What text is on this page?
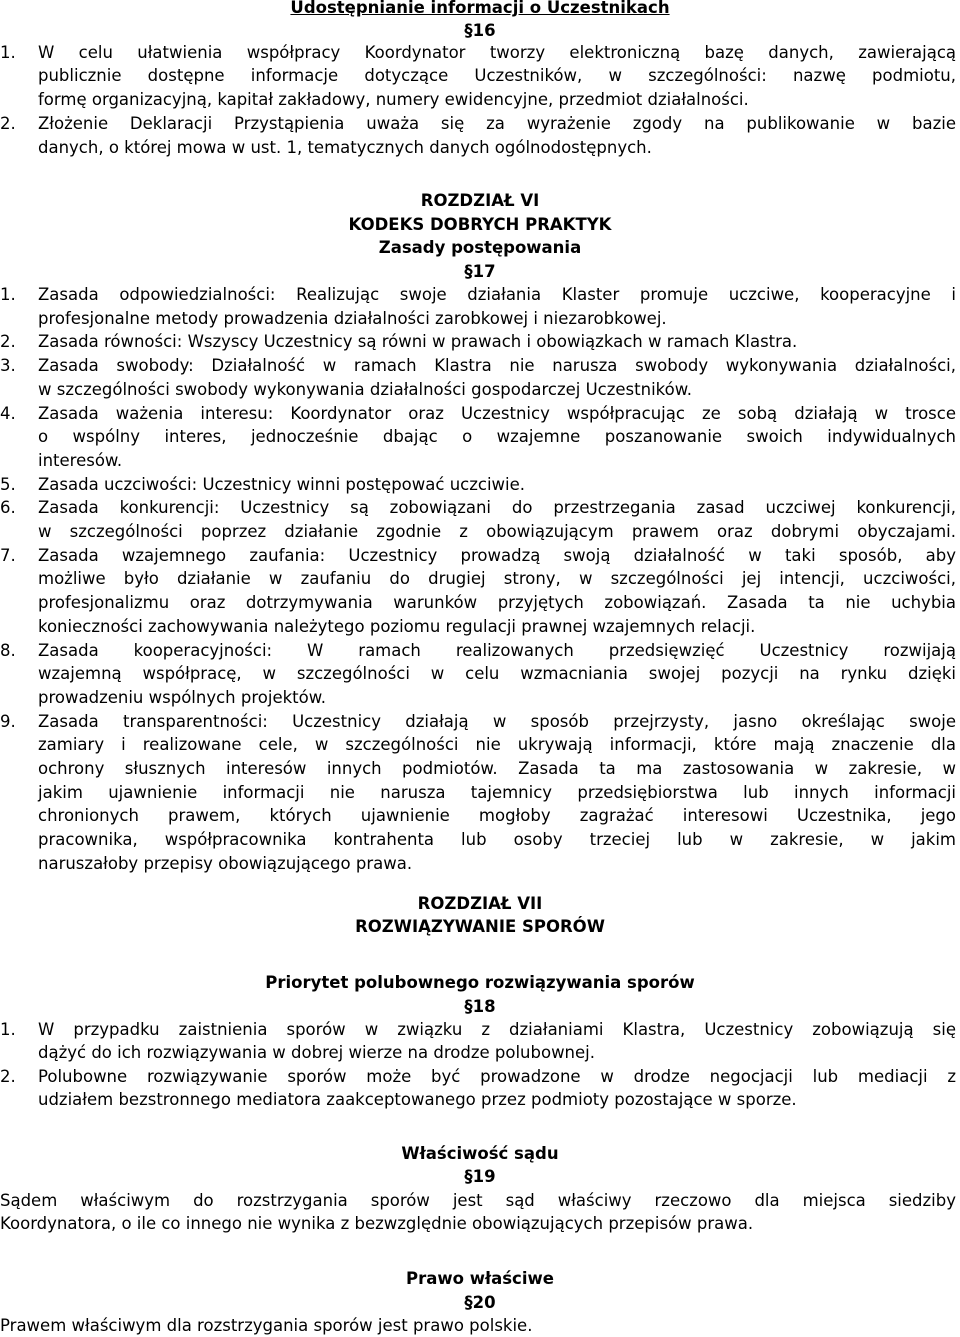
Udostępnianie informacji o Uczestnikach
§16
1. W celu ułatwienia współpracy Koordynator tworzy elektroniczną bazę danych, zawierającą
publicznie dostępne informacje dotyczące Uczestników, w szczególności: nazwę podmiotu,
formę organizacyjną, kapitał zakładowy, numery ewidencyjne, przedmiot działalności.
2. Złożenie Deklaracji Przystąpienia uważa się za wyrażenie zgody na publikowanie w bazie
danych, o której mowa w ust. 1, tematycznych danych ogólnodostępnych.
ROZDZIAŁ VI
KODEKS DOBRYCH PRAKTYK
Zasady postępowania
§17
1. Zasada odpowiedzialności: Realizując swoje działania Klaster promuje uczciwe, kooperacyjne i
profesjonalne metody prowadzenia działalności zarobkowej i niezarobkowej.
2. Zasada równości: Wszyscy Uczestnicy są równi w prawach i obowiązkach w ramach Klastra.
3. Zasada swobody: Działalność w ramach Klastra nie narusza swobody wykonywania działalności,
w szczególności swobody wykonywania działalności gospodarczej Uczestników.
4. Zasada ważenia interesu: Koordynator oraz Uczestnicy współpracując ze sobą działają w trosce
o wspólny interes, jednocześnie dbając o wzajemne poszanowanie swoich indywidualnych
interesów.
5. Zasada uczciwości: Uczestnicy winni postępować uczciwie.
6. Zasada konkurencji: Uczestnicy są zobowiązani do przestrzegania zasad uczciwej konkurencji,
w szczególności poprzez działanie zgodnie z obowiązującym prawem oraz dobrymi obyczajami.
7. Zasada wzajemnego zaufania: Uczestnicy prowadzą swoją działalność w taki sposób, aby
możliwe było działanie w zaufaniu do drugiej strony, w szczególności jej intencji, uczciwości,
profesjonalizmu oraz dotrzymywania warunków przyjętych zobowiązań. Zasada ta nie uchybia
konieczności zachowywania należytego poziomu regulacji prawnej wzajemnych relacji.
8. Zasada kooperacyjności: W ramach realizowanych przedsięwzięć Uczestnicy rozwijają
wzajemną współpracę, w szczególności w celu wzmacniania swojej pozycji na rynku dzięki
prowadzeniu wspólnych projektów.
9. Zasada transparentności: Uczestnicy działają w sposób przejrzysty, jasno określając swoje
zamiary i realizowane cele, w szczególności nie ukrywają informacji, które mają znaczenie dla
ochrony słusznych interesów innych podmiotów. Zasada ta ma zastosowania w zakresie, w
jakim ujawnienie informacji nie narusza tajemnicy przedsiębiorstwa lub innych informacji
chronionych prawem, których ujawnienie mogłoby zagrażać interesowi Uczestnika, jego
pracownika, współpracownika kontrahenta lub osoby trzeciej lub w zakresie, w jakim
naruszałoby przepisy obowiązującego prawa.
ROZDZIAŁ VII
ROZWIĄZYWANIE SPORÓW
Priorytet polubownego rozwiązywania sporów
§18
1. W przypadku zaistnienia sporów w związku z działaniami Klastra, Uczestnicy zobowiązują się
dążyć do ich rozwiązywania w dobrej wierze na drodze polubownej.
2. Polubowne rozwiązywanie sporów może być prowadzone w drodze negocjacji lub mediacji z
udziałem bezstronnego mediatora zaakceptowanego przez podmioty pozostające w sporze.
Właściwość sądu
§19
Sądem właściwym do rozstrzygania sporów jest sąd właściwy rzeczowo dla miejsca siedziby
Koordynatora, o ile co innego nie wynika z bezwzględnie obowiązujących przepisów prawa.
Prawo właściwe
§20
Prawem właściwym dla rozstrzygania sporów jest prawo polskie.
